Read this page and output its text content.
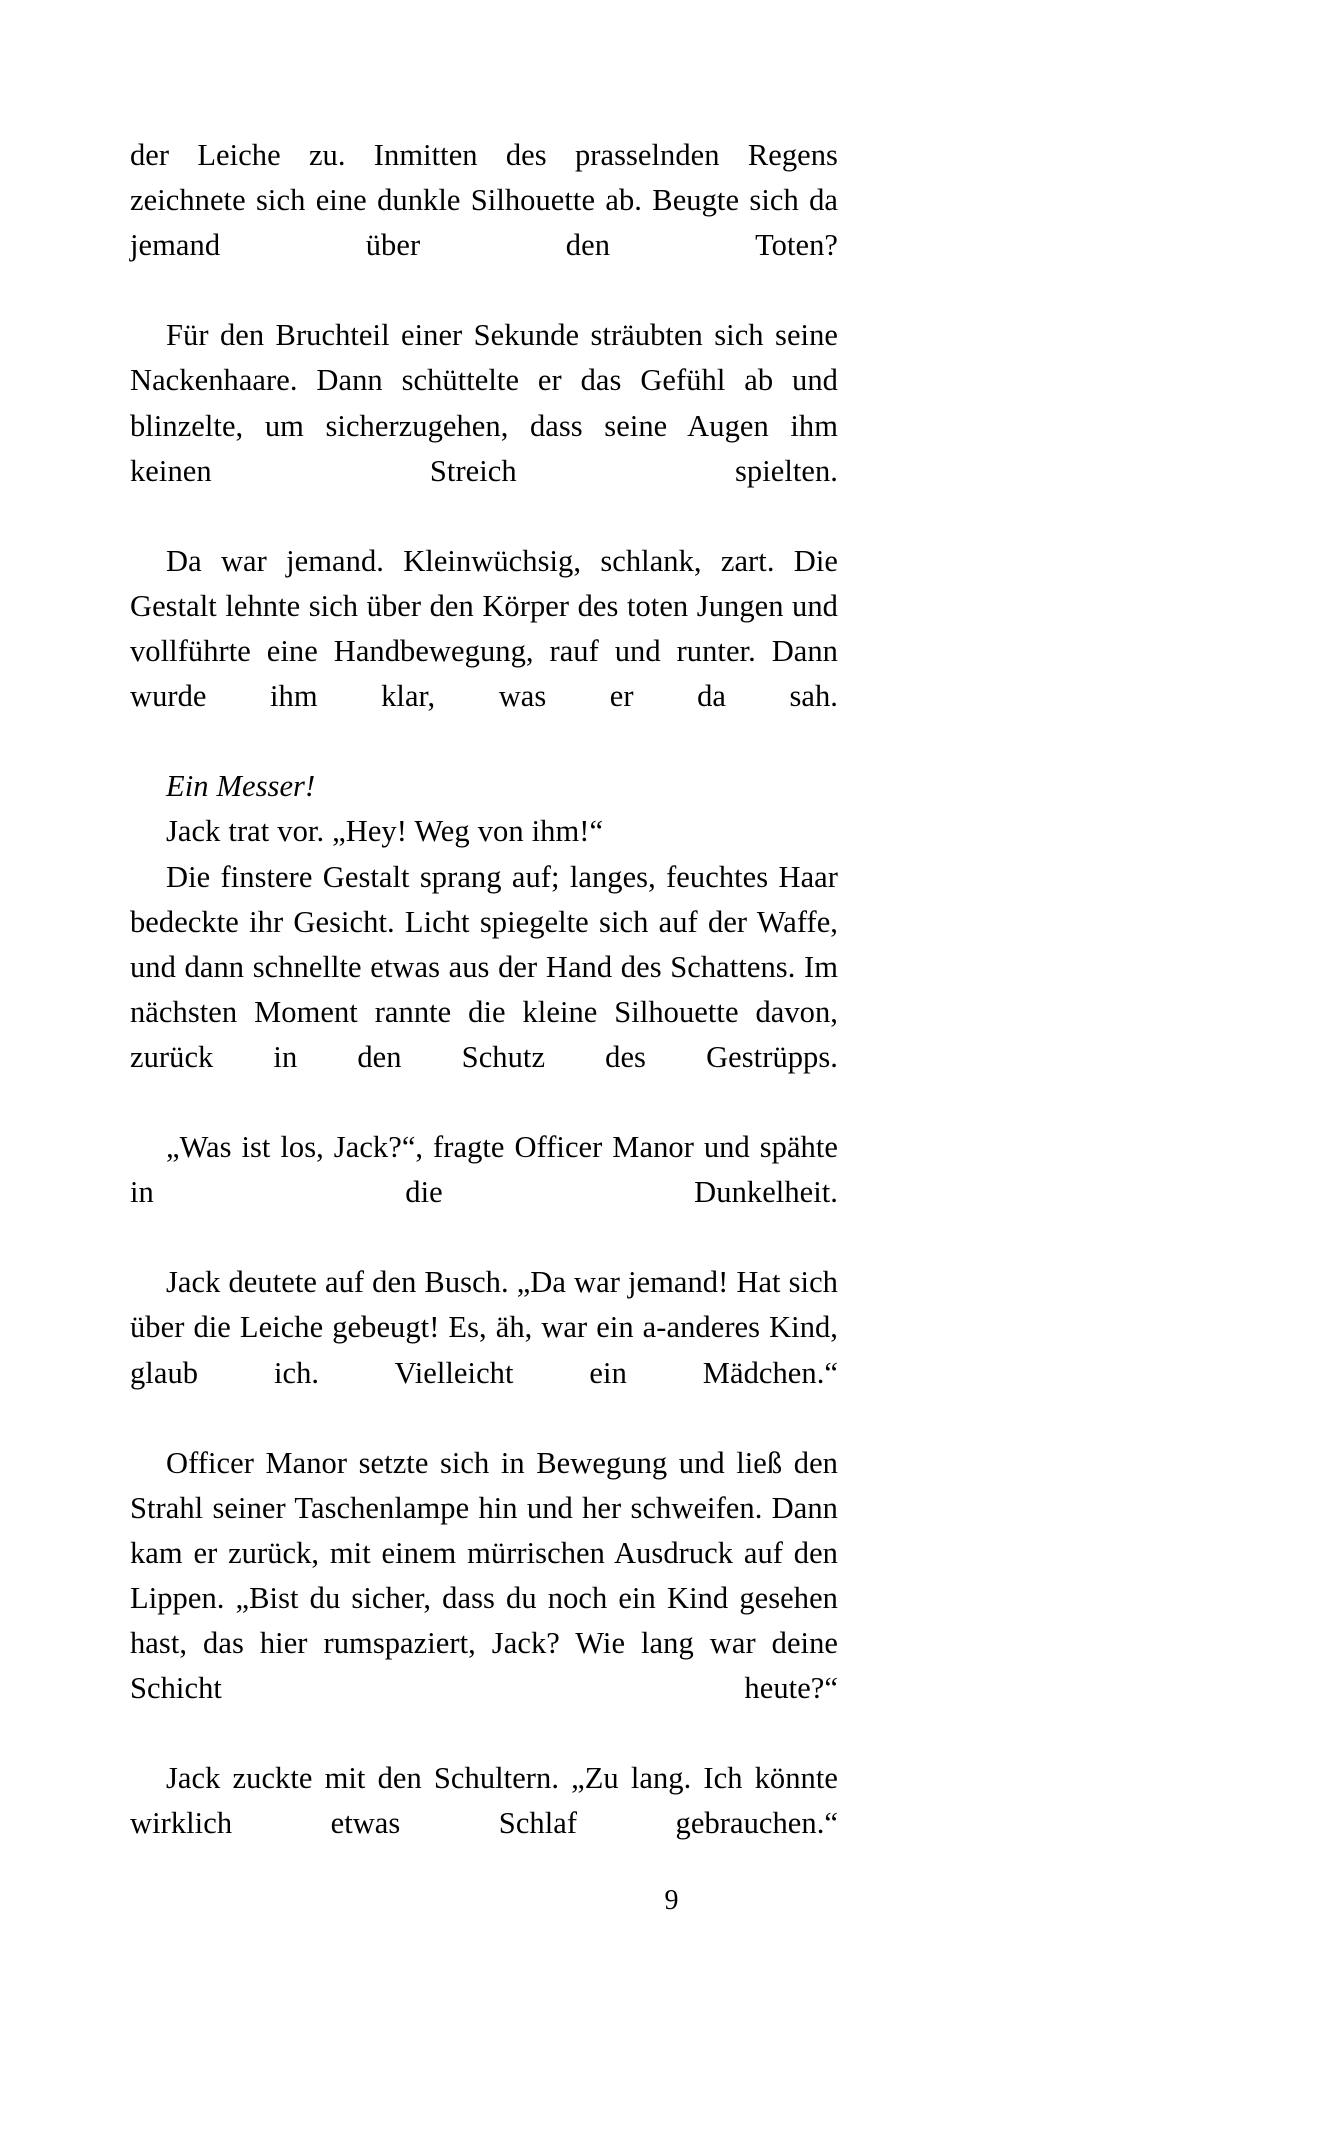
der Leiche zu. Inmitten des prasselnden Regens zeichnete sich eine dunkle Silhouette ab. Beugte sich da jemand über den Toten?

Für den Bruchteil einer Sekunde sträubten sich seine Nackenhaare. Dann schüttelte er das Gefühl ab und blinzelte, um sicherzugehen, dass seine Augen ihm keinen Streich spielten.

Da war jemand. Kleinwüchsig, schlank, zart. Die Gestalt lehnte sich über den Körper des toten Jungen und vollführte eine Handbewegung, rauf und runter. Dann wurde ihm klar, was er da sah.

Ein Messer!

Jack trat vor. „Hey! Weg von ihm!“

Die finstere Gestalt sprang auf; langes, feuchtes Haar bedeckte ihr Gesicht. Licht spiegelte sich auf der Waffe, und dann schnellte etwas aus der Hand des Schattens. Im nächsten Moment rannte die kleine Silhouette davon, zurück in den Schutz des Gestrüpps.

„Was ist los, Jack?“, fragte Officer Manor und spähte in die Dunkelheit.

Jack deutete auf den Busch. „Da war jemand! Hat sich über die Leiche gebeugt! Es, äh, war ein a-anderes Kind, glaub ich. Vielleicht ein Mädchen.“

Officer Manor setzte sich in Bewegung und ließ den Strahl seiner Taschenlampe hin und her schweifen. Dann kam er zurück, mit einem mürrischen Ausdruck auf den Lippen. „Bist du sicher, dass du noch ein Kind gesehen hast, das hier rumspaziert, Jack? Wie lang war deine Schicht heute?“

Jack zuckte mit den Schultern. „Zu lang. Ich könnte wirklich etwas Schlaf gebrauchen.“

9
